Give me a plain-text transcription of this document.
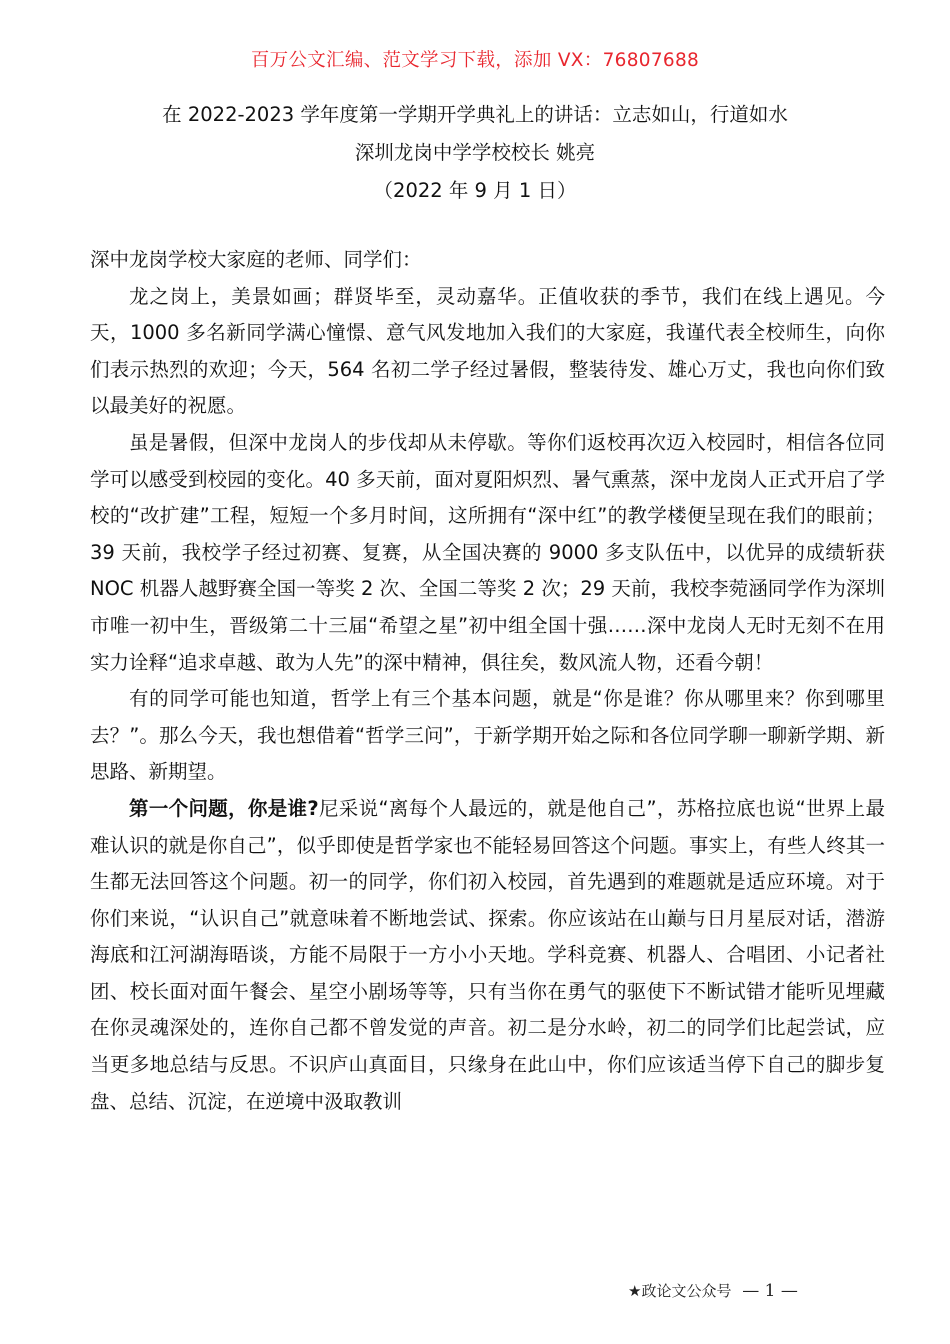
百万公文汇编、范文学习下载，添加 VX：76807688
在 2022-2023 学年度第一学期开学典礼上的讲话：立志如山，行道如水
深圳龙岗中学学校校长 姚亮
（2022 年 9 月 1 日）

深中龙岗学校大家庭的老师、同学们：

龙之岗上，美景如画；群贤毕至，灵动嘉华。正值收获的季节，我们在线上遇见。今天，1000 多名新同学满心憧憬、意气风发地加入我们的大家庭，我谨代表全校师生，向你们表示热烈的欢迎；今天，564 名初二学子经过暑假，整装待发、雄心万丈，我也向你们致以最美好的祝愿。

虽是暑假，但深中龙岗人的步伐却从未停歇。等你们返校再次迈入校园时，相信各位同学可以感受到校园的变化。40 多天前，面对夏阳炽烈、暑气熏蒸，深中龙岗人正式开启了学校的“改扩建”工程，短短一个多月时间，这所拥有“深中红”的教学楼便呈现在我们的眼前；39 天前，我校学子经过初赛、复赛，从全国决赛的 9000 多支队伍中，以优异的成绩斩获 NOC 机器人越野赛全国一等奖 2 次、全国二等奖 2 次；29 天前，我校李菀涵同学作为深圳市唯一初中生，晋级第二十三届“希望之星”初中组全国十强……深中龙岗人无时无刻不在用实力诠释“追求卓越、敢为人先”的深中精神，俱往矣，数风流人物，还看今朝！

有的同学可能也知道，哲学上有三个基本问题，就是“你是谁？你从哪里来？你到哪里去？”。那么今天，我也想借着“哲学三问”，于新学期开始之际和各位同学聊一聊新学期、新思路、新期望。

第一个问题，你是谁?尼采说“离每个人最远的，就是他自己”，苏格拉底也说“世界上最难认识的就是你自己”，似乎即使是哲学家也不能轻易回答这个问题。事实上，有些人终其一生都无法回答这个问题。初一的同学，你们初入校园，首先遇到的难题就是适应环境。对于你们来说，“认识自己”就意味着不断地尝试、探索。你应该站在山巅与日月星辰对话，潜游海底和江河湖海晤谈，方能不局限于一方小小天地。学科竞赛、机器人、合唱团、小记者社团、校长面对面午餐会、星空小剧场等等，只有当你在勇气的驱使下不断试错才能听见埋藏在你灵魂深处的，连你自己都不曾发觉的声音。初二是分水岭，初二的同学们比起尝试，应当更多地总结与反思。不识庐山真面目，只缘身在此山中，你们应该适当停下自己的脚步复盘、总结、沉淀，在逆境中汲取教训

★政论文公众号 — 1 —
